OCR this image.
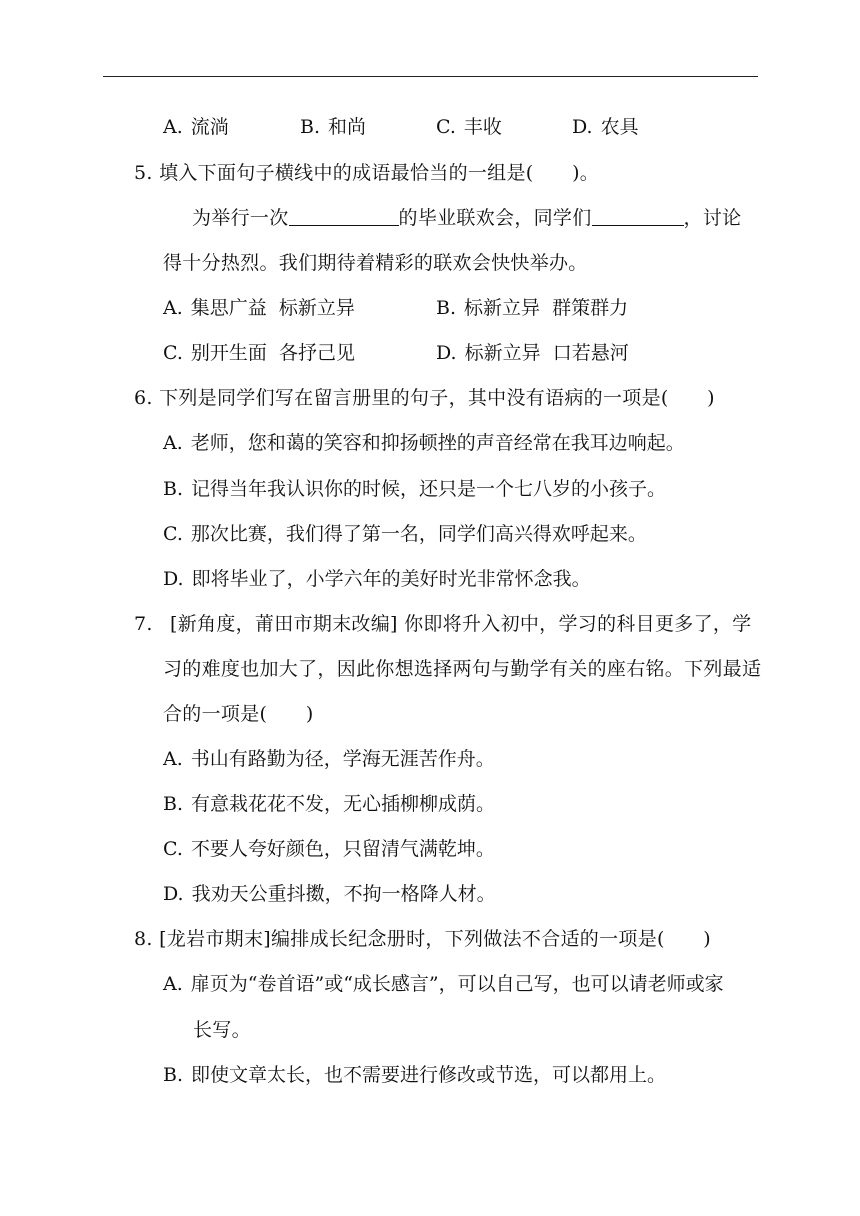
A. 流淌	B. 和尚	C. 丰收	D. 农具
5. 填入下面句子横线中的成语最恰当的一组是(　　)。
为举行一次	的毕业联欢会，同学们	，讨论
得十分热烈。我们期待着精彩的联欢会快快举办。
A. 集思广益  标新立异	B. 标新立异  群策群力
C. 别开生面  各抒己见	D. 标新立异  口若悬河
6. 下列是同学们写在留言册里的句子，其中没有语病的一项是(　　)
A. 老师，您和蔼的笑容和抑扬顿挫的声音经常在我耳边响起。
B. 记得当年我认识你的时候，还只是一个七八岁的小孩子。
C. 那次比赛，我们得了第一名，同学们高兴得欢呼起来。
D. 即将毕业了，小学六年的美好时光非常怀念我。
7. [新角度，莆田市期末改编] 你即将升入初中，学习的科目更多了，学
习的难度也加大了，因此你想选择两句与勤学有关的座右铭。下列最适
合的一项是(　　)
A. 书山有路勤为径，学海无涯苦作舟。
B. 有意栽花花不发，无心插柳柳成荫。
C. 不要人夸好颜色，只留清气满乾坤。
D. 我劝天公重抖擞，不拘一格降人材。
8. [龙岩市期末]编排成长纪念册时，下列做法不合适的一项是(　　)
A. 扉页为“卷首语”或“成长感言”，可以自己写，也可以请老师或家
长写。
B. 即使文章太长，也不需要进行修改或节选，可以都用上。
